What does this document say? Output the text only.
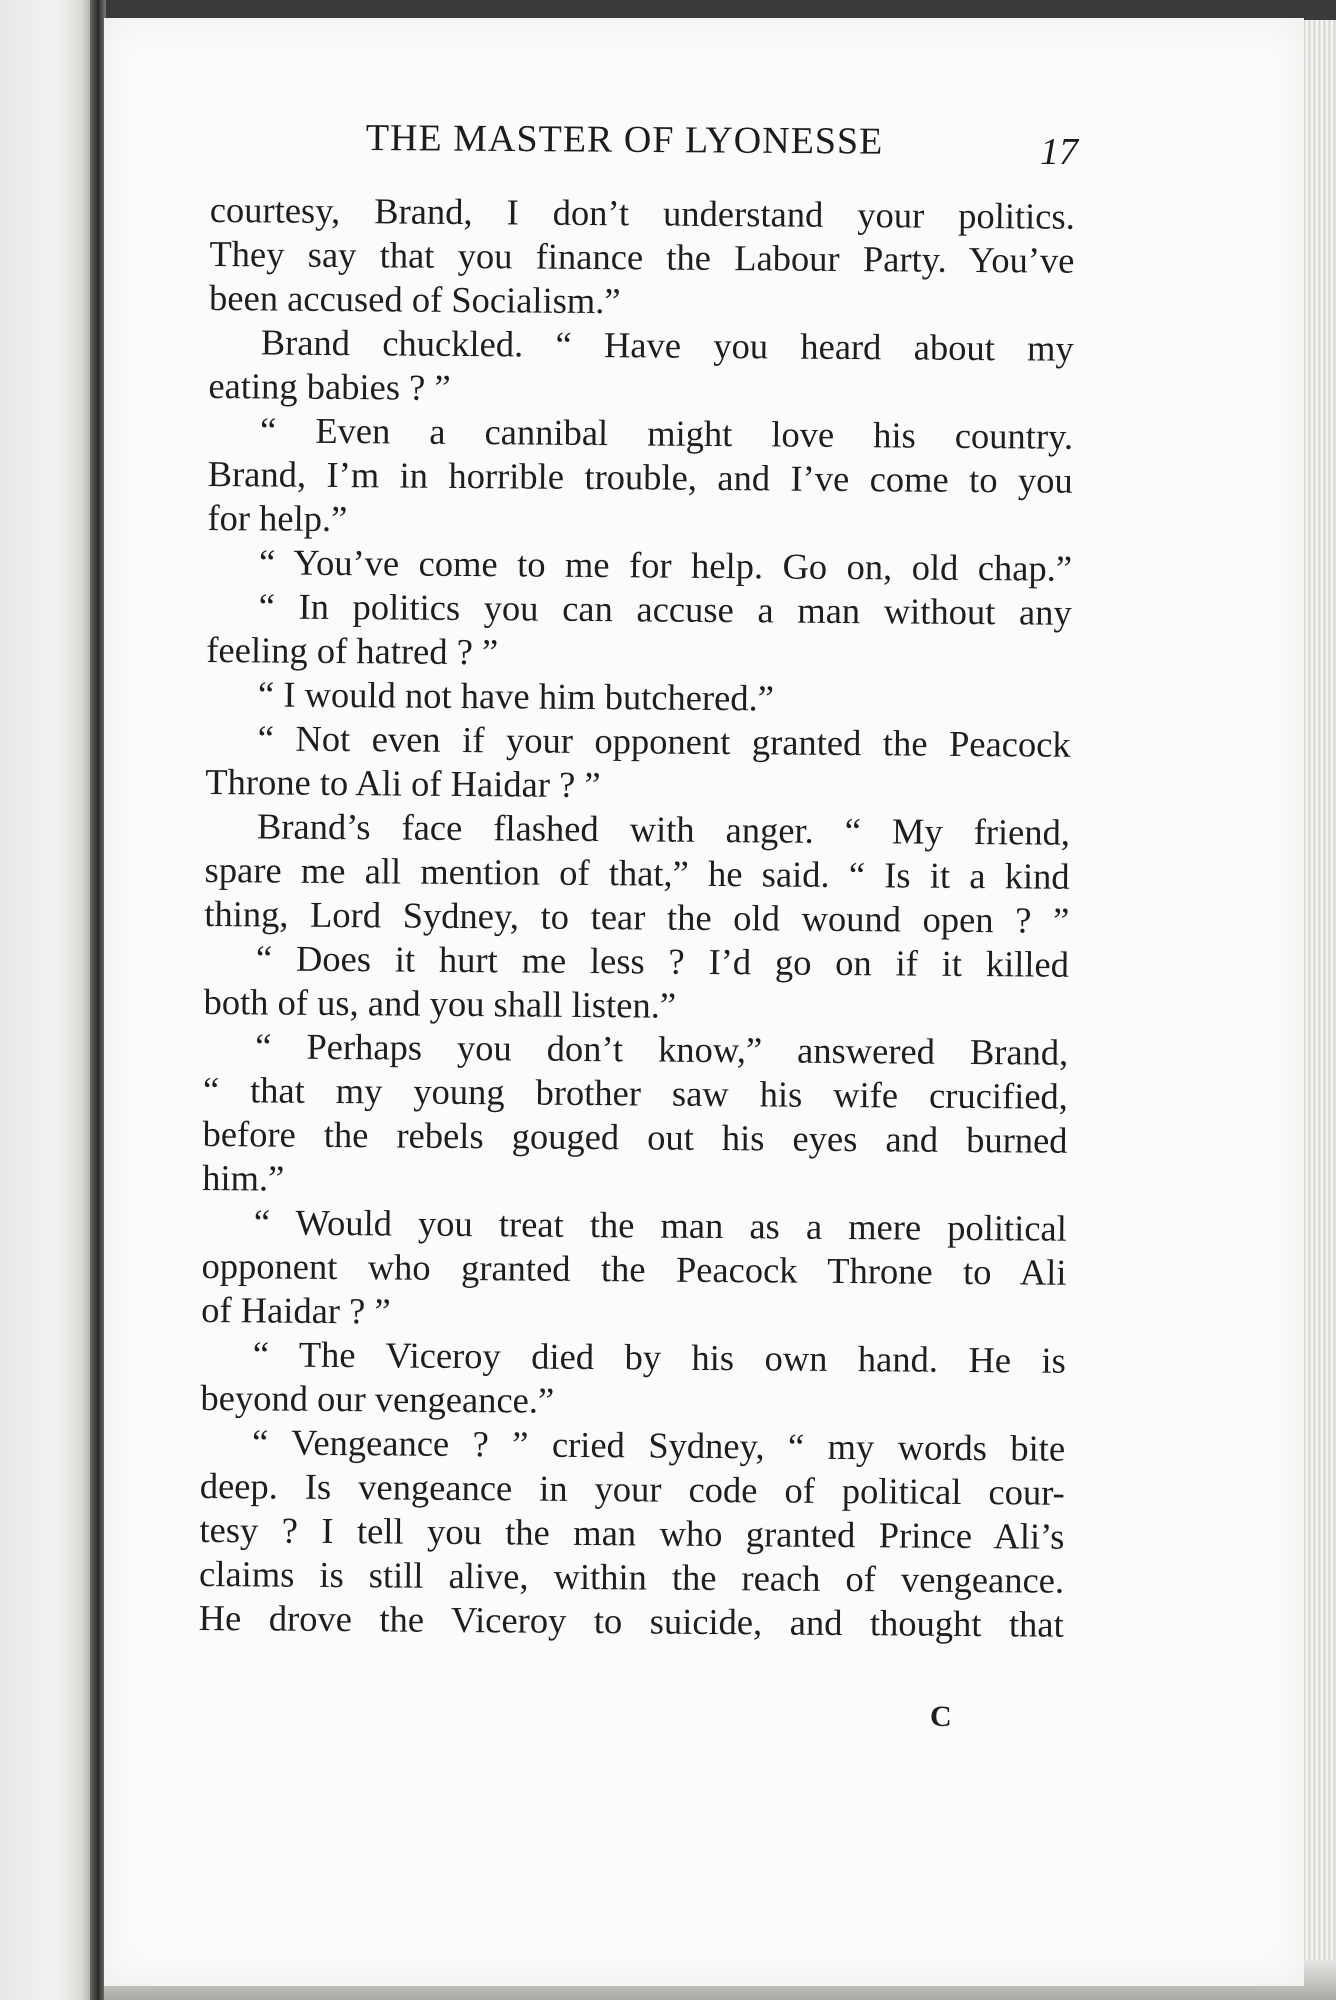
THE MASTER OF LYONESSE	17
courtesy, Brand, I don’t understand your politics.
They say that you finance the Labour Party. You’ve
been accused of Socialism.”
Brand chuckled. “ Have you heard about my
eating babies ? ”
“ Even a cannibal might love his country.
Brand, I’m in horrible trouble, and I’ve come to you
for help.”
“ You’ve come to me for help. Go on, old chap.”
“ In politics you can accuse a man without any
feeling of hatred ? ”
“ I would not have him butchered.”
“ Not even if your opponent granted the Peacock
Throne to Ali of Haidar ? ”
Brand’s face flashed with anger. “ My friend,
spare me all mention of that,” he said. “ Is it a kind
thing, Lord Sydney, to tear the old wound open ? ”
“ Does it hurt me less ? I’d go on if it killed
both of us, and you shall listen.”
“ Perhaps you don’t know,” answered Brand,
“ that my young brother saw his wife crucified,
before the rebels gouged out his eyes and burned
him.”
“ Would you treat the man as a mere political
opponent who granted the Peacock Throne to Ali
of Haidar ? ”
“ The Viceroy died by his own hand. He is
beyond our vengeance.”
“ Vengeance ? ” cried Sydney, “ my words bite
deep. Is vengeance in your code of political cour-
tesy ? I tell you the man who granted Prince Ali’s
claims is still alive, within the reach of vengeance.
He drove the Viceroy to suicide, and thought that
C
